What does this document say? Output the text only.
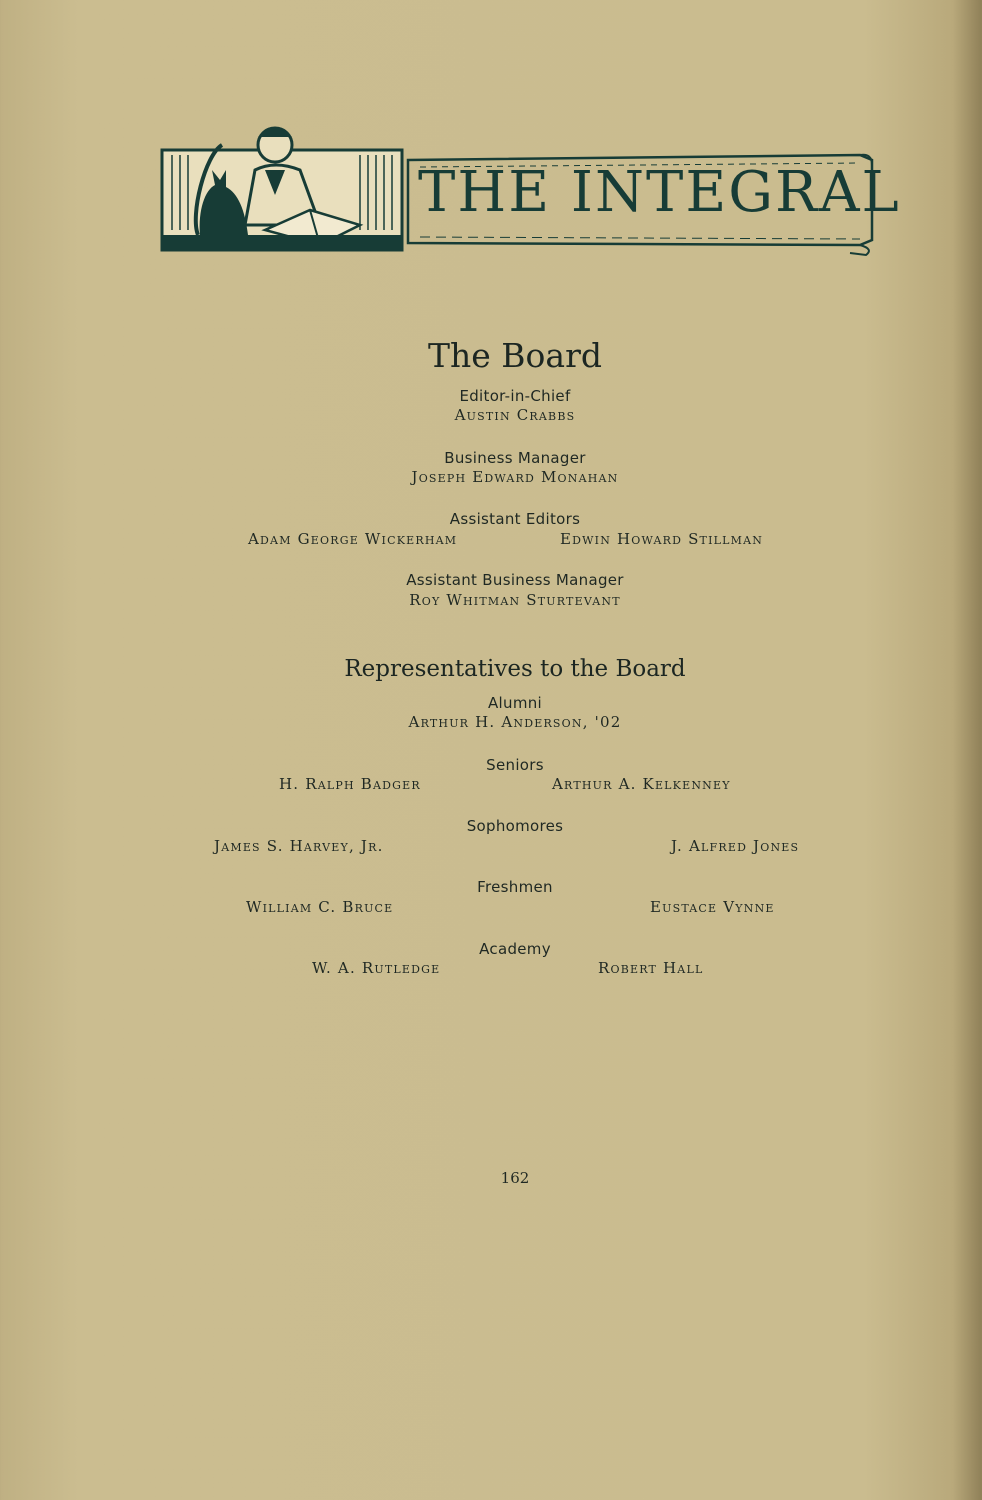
THE INTEGRAL
The Board
Editor-in-Chief
Austin Crabbs
Business Manager
Joseph Edward Monahan
Assistant Editors
Adam George Wickerham	Edwin Howard Stillman
Assistant Business Manager
Roy Whitman Sturtevant
Representatives to the Board
Alumni
Arthur H. Anderson, '02
Seniors
H. Ralph Badger	Arthur A. Kelkenney
Sophomores
James S. Harvey, Jr.	J. Alfred Jones
Freshmen
William C. Bruce	Eustace Vynne
Academy
W. A. Rutledge	Robert Hall
162
